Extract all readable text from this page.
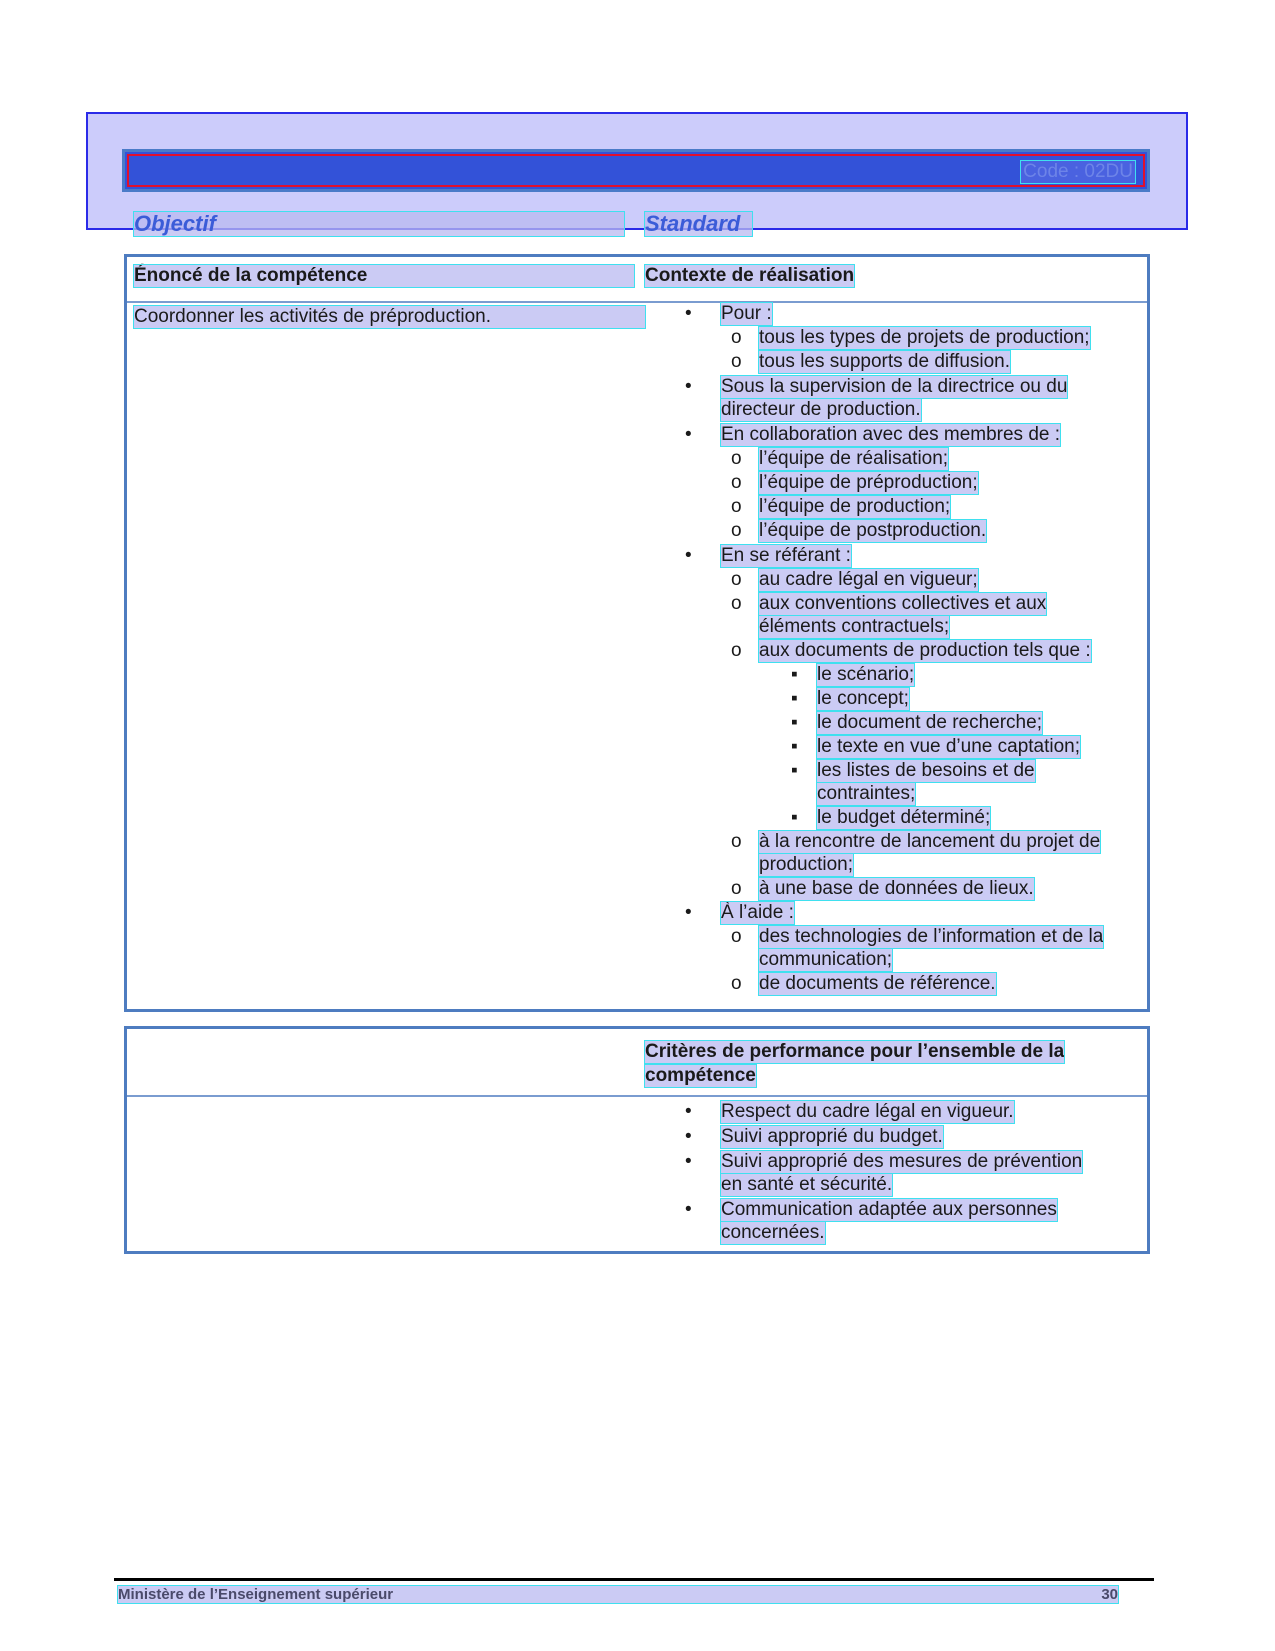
Code : 02DU
Objectif	Standard
Énoncé de la compétence	Contexte de réalisation
Coordonner les activités de préproduction.	• Pour :
o tous les types de projets de production;
o tous les supports de diffusion.
• Sous la supervision de la directrice ou du
directeur de production.
• En collaboration avec des membres de :
o l’équipe de réalisation;
o l’équipe de préproduction;
o l’équipe de production;
o l’équipe de postproduction.
• En se référant :
o au cadre légal en vigueur;
o aux conventions collectives et aux
éléments contractuels;
o aux documents de production tels que :
▪ le scénario;
▪ le concept;
▪ le document de recherche;
▪ le texte en vue d’une captation;
▪ les listes de besoins et de
contraintes;
▪ le budget déterminé;
o à la rencontre de lancement du projet de
production;
o à une base de données de lieux.
• À l’aide :
o des technologies de l’information et de la
communication;
o de documents de référence.
Critères de performance pour l’ensemble de la
compétence
• Respect du cadre légal en vigueur.
• Suivi approprié du budget.
• Suivi approprié des mesures de prévention
en santé et sécurité.
• Communication adaptée aux personnes
concernées.
Ministère de l’Enseignement supérieur	30
